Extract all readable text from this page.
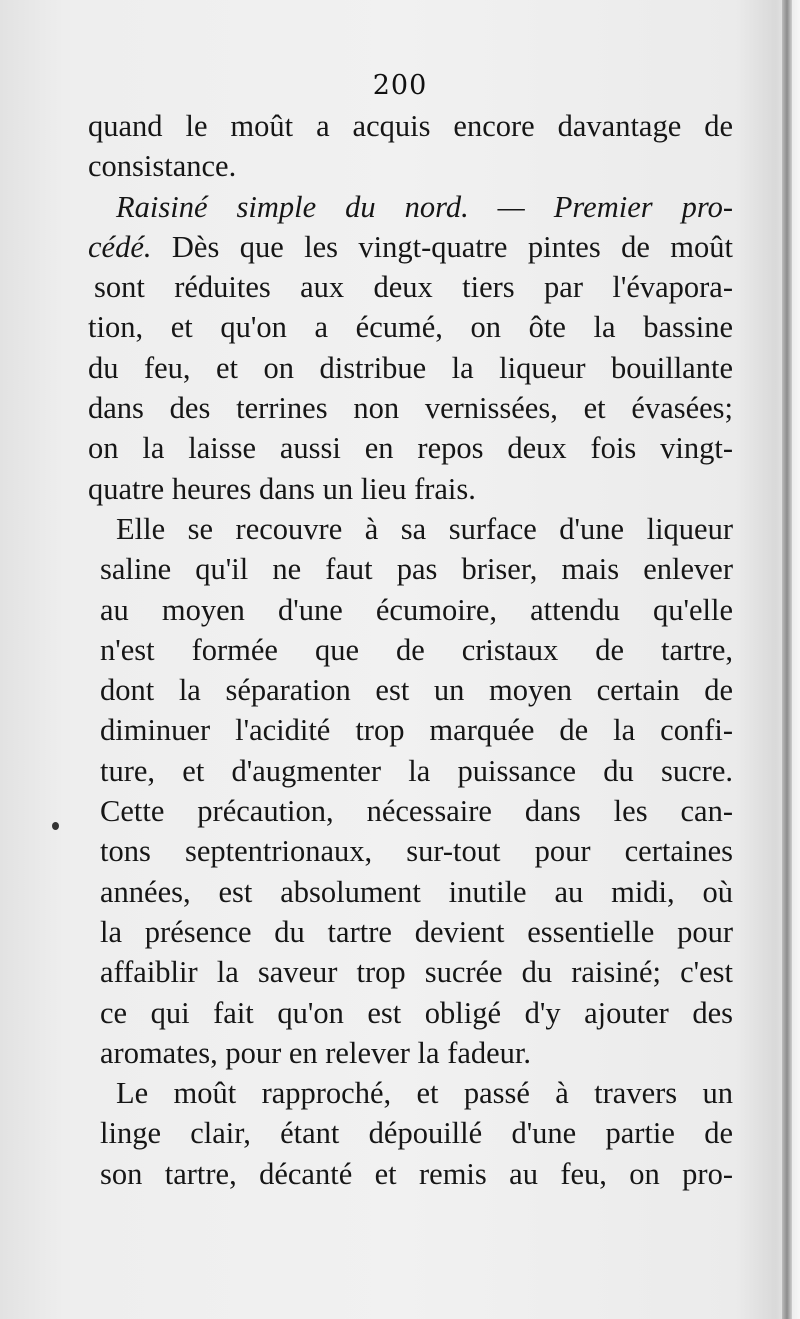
200
quand le moût a acquis encore davantage de
consistance.
Raisiné simple du nord. — Premier pro-
cédé. Dès que les vingt-quatre pintes de moût
sont réduites aux deux tiers par l'évapora-
tion, et qu'on a écumé, on ôte la bassine
du feu, et on distribue la liqueur bouillante
dans des terrines non vernissées, et évasées;
on la laisse aussi en repos deux fois vingt-
quatre heures dans un lieu frais.
Elle se recouvre à sa surface d'une liqueur
saline qu'il ne faut pas briser, mais enlever
au moyen d'une écumoire, attendu qu'elle
n'est formée que de cristaux de tartre,
dont la séparation est un moyen certain de
diminuer l'acidité trop marquée de la confi-
ture, et d'augmenter la puissance du sucre.
Cette précaution, nécessaire dans les can-
tons septentrionaux, sur-tout pour certaines
années, est absolument inutile au midi, où
la présence du tartre devient essentielle pour
affaiblir la saveur trop sucrée du raisiné; c'est
ce qui fait qu'on est obligé d'y ajouter des
aromates, pour en relever la fadeur.
Le moût rapproché, et passé à travers un
linge clair, étant dépouillé d'une partie de
son tartre, décanté et remis au feu, on pro-
